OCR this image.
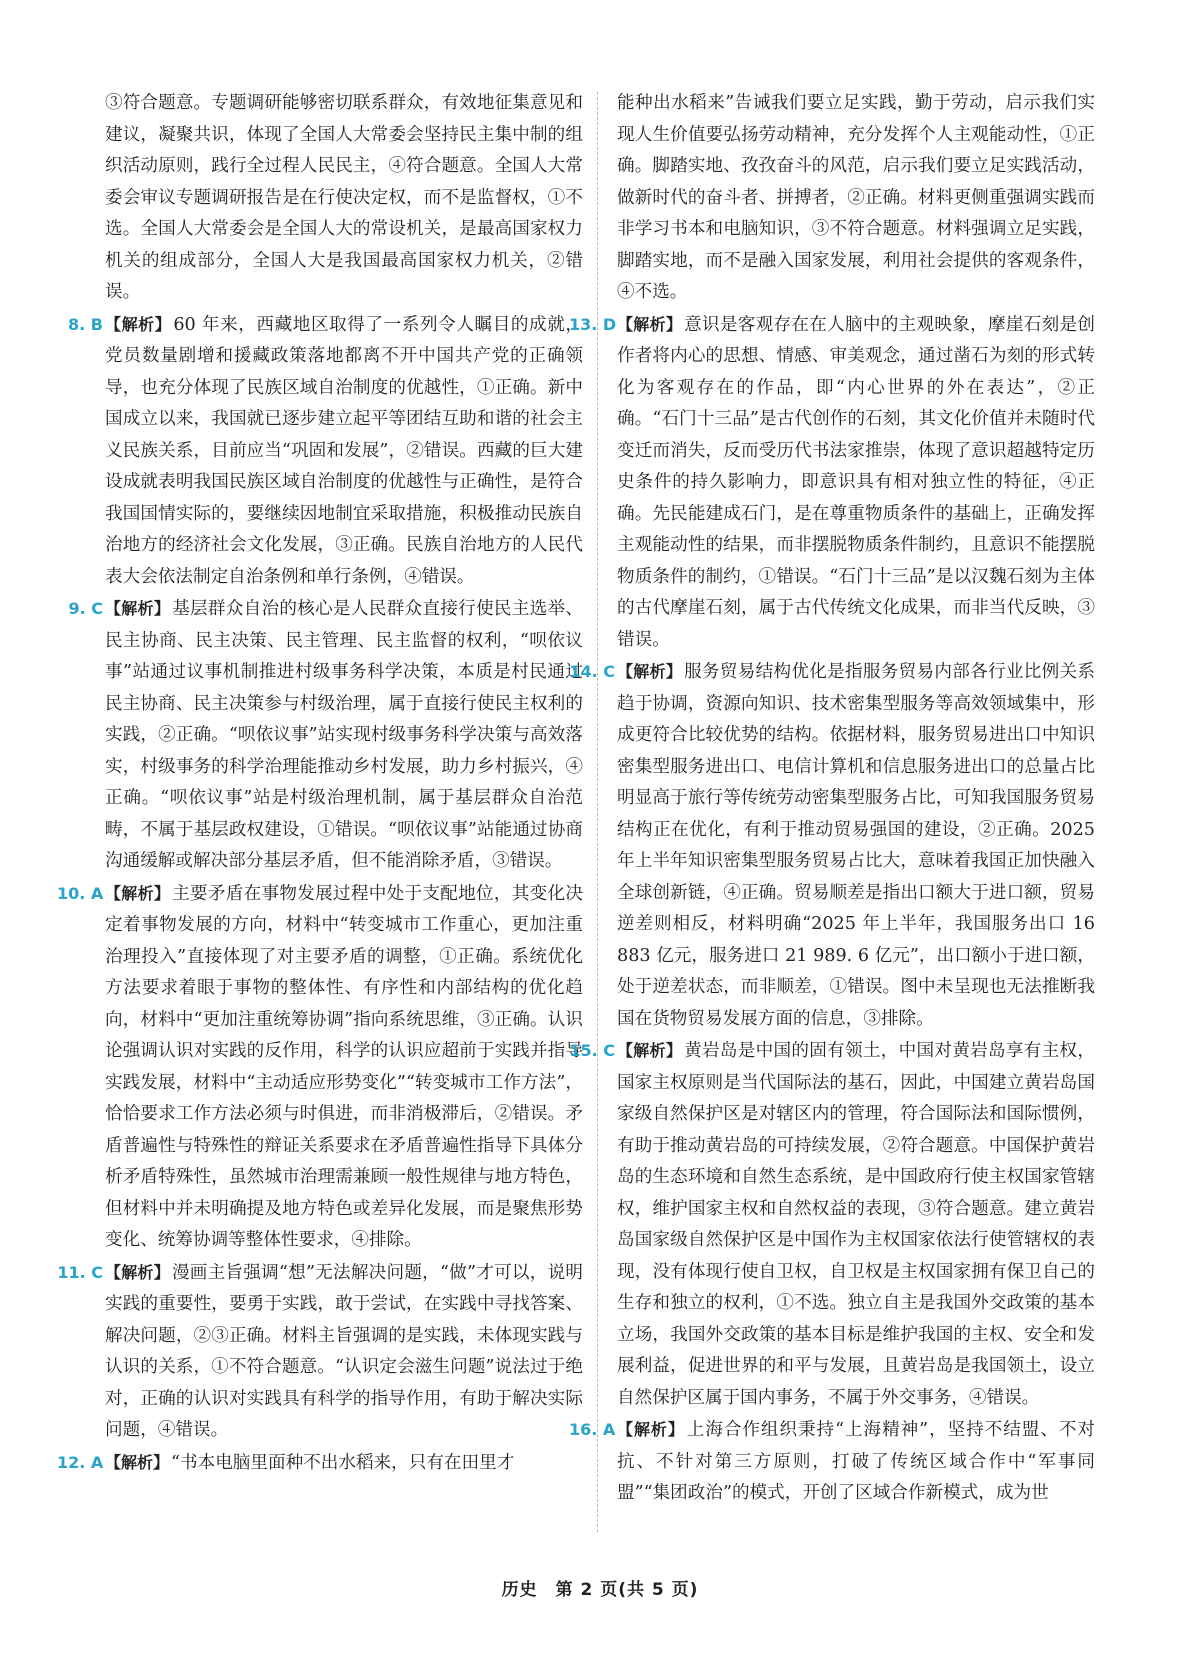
③符合题意。专题调研能够密切联系群众，有效地征集意见和建议，凝聚共识，体现了全国人大常委会坚持民主集中制的组织活动原则，践行全过程人民民主，④符合题意。全国人大常委会审议专题调研报告是在行使决定权，而不是监督权，①不选。全国人大常委会是全国人大的常设机关，是最高国家权力机关的组成部分，全国人大是我国最高国家权力机关，②错误。

8. B 【解析】 60 年来，西藏地区取得了一系列令人瞩目的成就，党员数量剧增和援藏政策落地都离不开中国共产党的正确领导，也充分体现了民族区域自治制度的优越性，①正确。新中国成立以来，我国就已逐步建立起平等团结互助和谐的社会主义民族关系，目前应当“巩固和发展”，②错误。西藏的巨大建设成就表明我国民族区域自治制度的优越性与正确性，是符合我国国情实际的，要继续因地制宜采取措施，积极推动民族自治地方的经济社会文化发展，③正确。民族自治地方的人民代表大会依法制定自治条例和单行条例，④错误。

9. C 【解析】 基层群众自治的核心是人民群众直接行使民主选举、民主协商、民主决策、民主管理、民主监督的权利，“呗依议事”站通过议事机制推进村级事务科学决策，本质是村民通过民主协商、民主决策参与村级治理，属于直接行使民主权利的实践，②正确。“呗依议事”站实现村级事务科学决策与高效落实，村级事务的科学治理能推动乡村发展，助力乡村振兴，④正确。“呗依议事”站是村级治理机制，属于基层群众自治范畴，不属于基层政权建设，①错误。“呗依议事”站能通过协商沟通缓解或解决部分基层矛盾，但不能消除矛盾，③错误。

10. A 【解析】 主要矛盾在事物发展过程中处于支配地位，其变化决定着事物发展的方向，材料中“转变城市工作重心，更加注重治理投入”直接体现了对主要矛盾的调整，①正确。系统优化方法要求着眼于事物的整体性、有序性和内部结构的优化趋向，材料中“更加注重统筹协调”指向系统思维，③正确。认识论强调认识对实践的反作用，科学的认识应超前于实践并指导实践发展，材料中“主动适应形势变化”“转变城市工作方法”，恰恰要求工作方法必须与时俱进，而非消极滞后，②错误。矛盾普遍性与特殊性的辩证关系要求在矛盾普遍性指导下具体分析矛盾特殊性，虽然城市治理需兼顾一般性规律与地方特色，但材料中并未明确提及地方特色或差异化发展，而是聚焦形势变化、统筹协调等整体性要求，④排除。

11. C 【解析】 漫画主旨强调“想”无法解决问题，“做”才可以，说明实践的重要性，要勇于实践，敢于尝试，在实践中寻找答案、解决问题，②③正确。材料主旨强调的是实践，未体现实践与认识的关系，①不符合题意。“认识定会滋生问题”说法过于绝对，正确的认识对实践具有科学的指导作用，有助于解决实际问题，④错误。

12. A 【解析】 “书本电脑里面种不出水稻来，只有在田里才

能种出水稻来”告诫我们要立足实践，勤于劳动，启示我们实现人生价值要弘扬劳动精神，充分发挥个人主观能动性，①正确。脚踏实地、孜孜奋斗的风范，启示我们要立足实践活动，做新时代的奋斗者、拼搏者，②正确。材料更侧重强调实践而非学习书本和电脑知识，③不符合题意。材料强调立足实践，脚踏实地，而不是融入国家发展，利用社会提供的客观条件，④不选。

13. D 【解析】 意识是客观存在在人脑中的主观映象，摩崖石刻是创作者将内心的思想、情感、审美观念，通过凿石为刻的形式转化为客观存在的作品，即“内心世界的外在表达”，②正确。“石门十三品”是古代创作的石刻，其文化价值并未随时代变迁而消失，反而受历代书法家推崇，体现了意识超越特定历史条件的持久影响力，即意识具有相对独立性的特征，④正确。先民能建成石门，是在尊重物质条件的基础上，正确发挥主观能动性的结果，而非摆脱物质条件制约，且意识不能摆脱物质条件的制约，①错误。“石门十三品”是以汉魏石刻为主体的古代摩崖石刻，属于古代传统文化成果，而非当代反映，③错误。

14. C 【解析】 服务贸易结构优化是指服务贸易内部各行业比例关系趋于协调，资源向知识、技术密集型服务等高效领域集中，形成更符合比较优势的结构。依据材料，服务贸易进出口中知识密集型服务进出口、电信计算机和信息服务进出口的总量占比明显高于旅行等传统劳动密集型服务占比，可知我国服务贸易结构正在优化，有利于推动贸易强国的建设，②正确。2025 年上半年知识密集型服务贸易占比大，意味着我国正加快融入全球创新链，④正确。贸易顺差是指出口额大于进口额，贸易逆差则相反，材料明确“2025 年上半年，我国服务出口 16 883 亿元，服务进口 21 989. 6 亿元”，出口额小于进口额，处于逆差状态，而非顺差，①错误。图中未呈现也无法推断我国在货物贸易发展方面的信息，③排除。

15. C 【解析】 黄岩岛是中国的固有领土，中国对黄岩岛享有主权，国家主权原则是当代国际法的基石，因此，中国建立黄岩岛国家级自然保护区是对辖区内的管理，符合国际法和国际惯例，有助于推动黄岩岛的可持续发展，②符合题意。中国保护黄岩岛的生态环境和自然生态系统，是中国政府行使主权国家管辖权，维护国家主权和自然权益的表现，③符合题意。建立黄岩岛国家级自然保护区是中国作为主权国家依法行使管辖权的表现，没有体现行使自卫权，自卫权是主权国家拥有保卫自己的生存和独立的权利，①不选。独立自主是我国外交政策的基本立场，我国外交政策的基本目标是维护我国的主权、安全和发展利益，促进世界的和平与发展，且黄岩岛是我国领土，设立自然保护区属于国内事务，不属于外交事务，④错误。

16. A 【解析】 上海合作组织秉持“上海精神”，坚持不结盟、不对抗、不针对第三方原则，打破了传统区域合作中“军事同盟”“集团政治”的模式，开创了区域合作新模式，成为世

历史　第 2 页(共 5 页)
